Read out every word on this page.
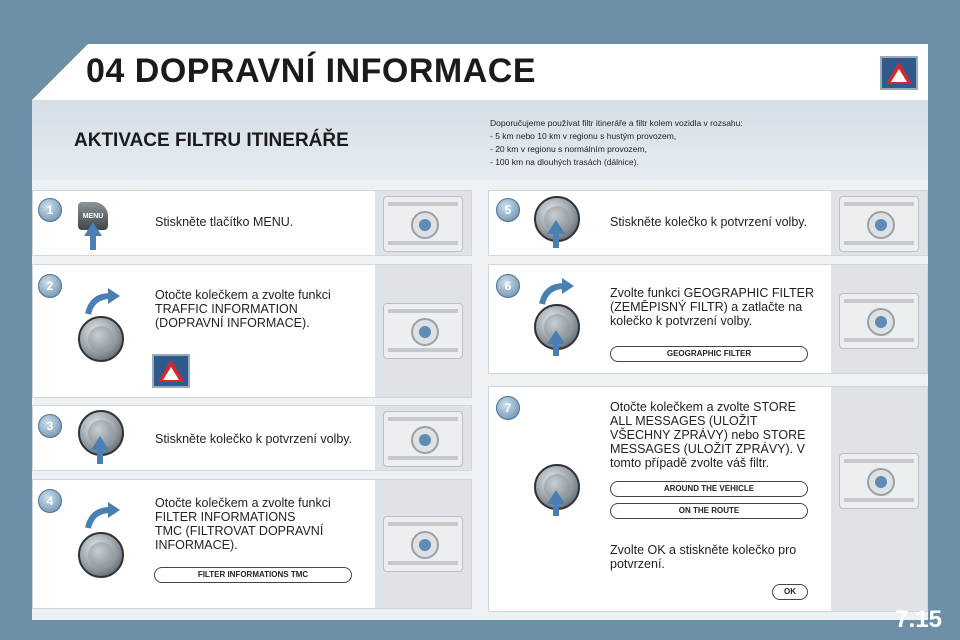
04 DOPRAVNÍ INFORMACE
AKTIVACE FILTRU ITINERÁŘE
Doporučujeme používat filtr itineráře a filtr kolem vozidla v rozsahu:
- 5 km nebo 10 km v regionu s hustým provozem,
- 20 km v regionu s normálním provozem,
- 100 km na dlouhých trasách (dálnice).
1	MENU	Stiskněte tlačítko MENU.
2
Otočte kolečkem a zvolte funkci
TRAFFIC INFORMATION
(DOPRAVNÍ INFORMACE).
3
Stiskněte kolečko k potvrzení volby.
4	Otočte kolečkem a zvolte funkci
FILTER INFORMATIONS
TMC (FILTROVAT DOPRAVNÍ
INFORMACE).
FILTER INFORMATIONS TMC
5
Stiskněte kolečko k potvrzení volby.
6	Zvolte funkci GEOGRAPHIC FILTER
(ZEMĚPISNÝ FILTR) a zatlačte na
kolečko k potvrzení volby.
GEOGRAPHIC FILTER
7	Otočte kolečkem a zvolte STORE
ALL MESSAGES (ULOŽIT
VŠECHNY ZPRÁVY) nebo STORE
MESSAGES (ULOŽIT ZPRÁVY). V
tomto případě zvolte váš filtr.
AROUND THE VEHICLE
ON THE ROUTE
Zvolte OK a stiskněte kolečko pro
potvrzení.
OK
7.15
